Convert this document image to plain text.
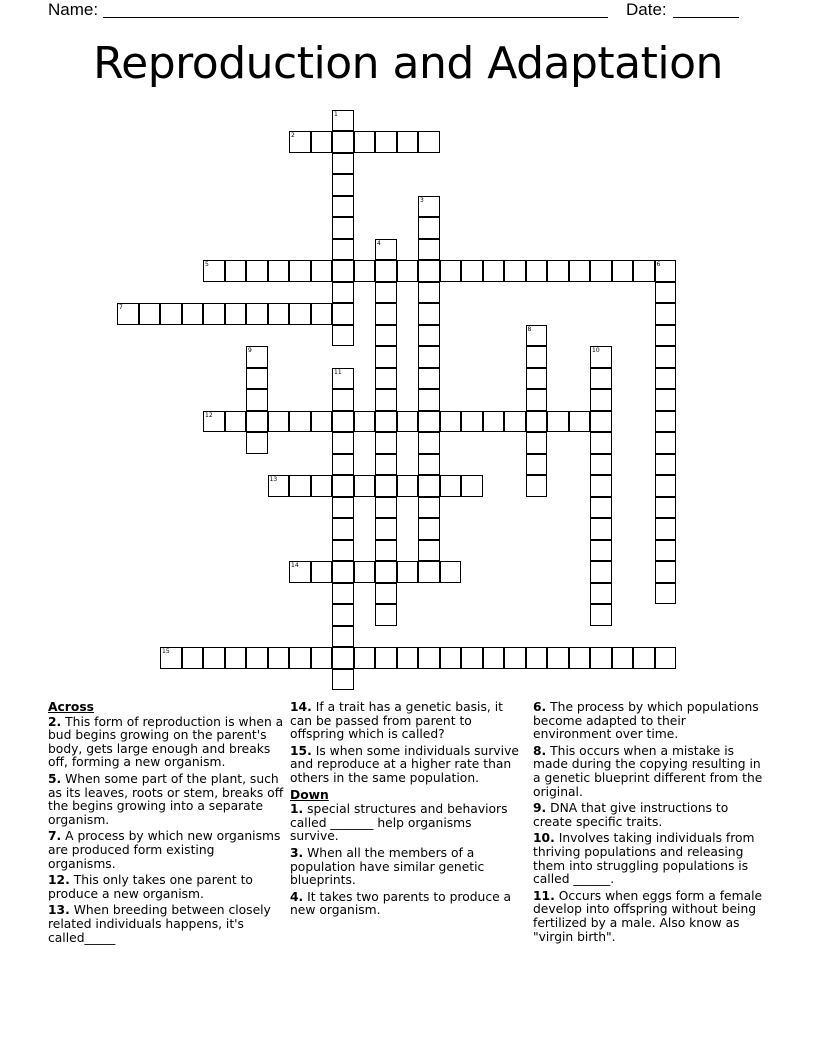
Name:	Date:
Reproduction and Adaptation
1
2
3
4
5	6
7
8
9	10
11
12
13
14
15
Across
2. This form of reproduction is when a bud begins growing on the parent's body, gets large enough and breaks off, forming a new organism.
5. When some part of the plant, such as its leaves, roots or stem, breaks off the begins growing into a separate organism.
7. A process by which new organisms are produced form existing organisms.
12. This only takes one parent to produce a new organism.
13. When breeding between closely related individuals happens, it's called_____
14. If a trait has a genetic basis, it can be passed from parent to offspring which is called?
15. Is when some individuals survive and reproduce at a higher rate than others in the same population.
Down
1. special structures and behaviors called _______ help organisms survive.
3. When all the members of a population have similar genetic blueprints.
4. It takes two parents to produce a new organism.
6. The process by which populations become adapted to their environment over time.
8. This occurs when a mistake is made during the copying resulting in a genetic blueprint different from the original.
9. DNA that give instructions to create specific traits.
10. Involves taking individuals from thriving populations and releasing them into struggling populations is called ______.
11. Occurs when eggs form a female develop into offspring without being fertilized by a male. Also know as "virgin birth".
